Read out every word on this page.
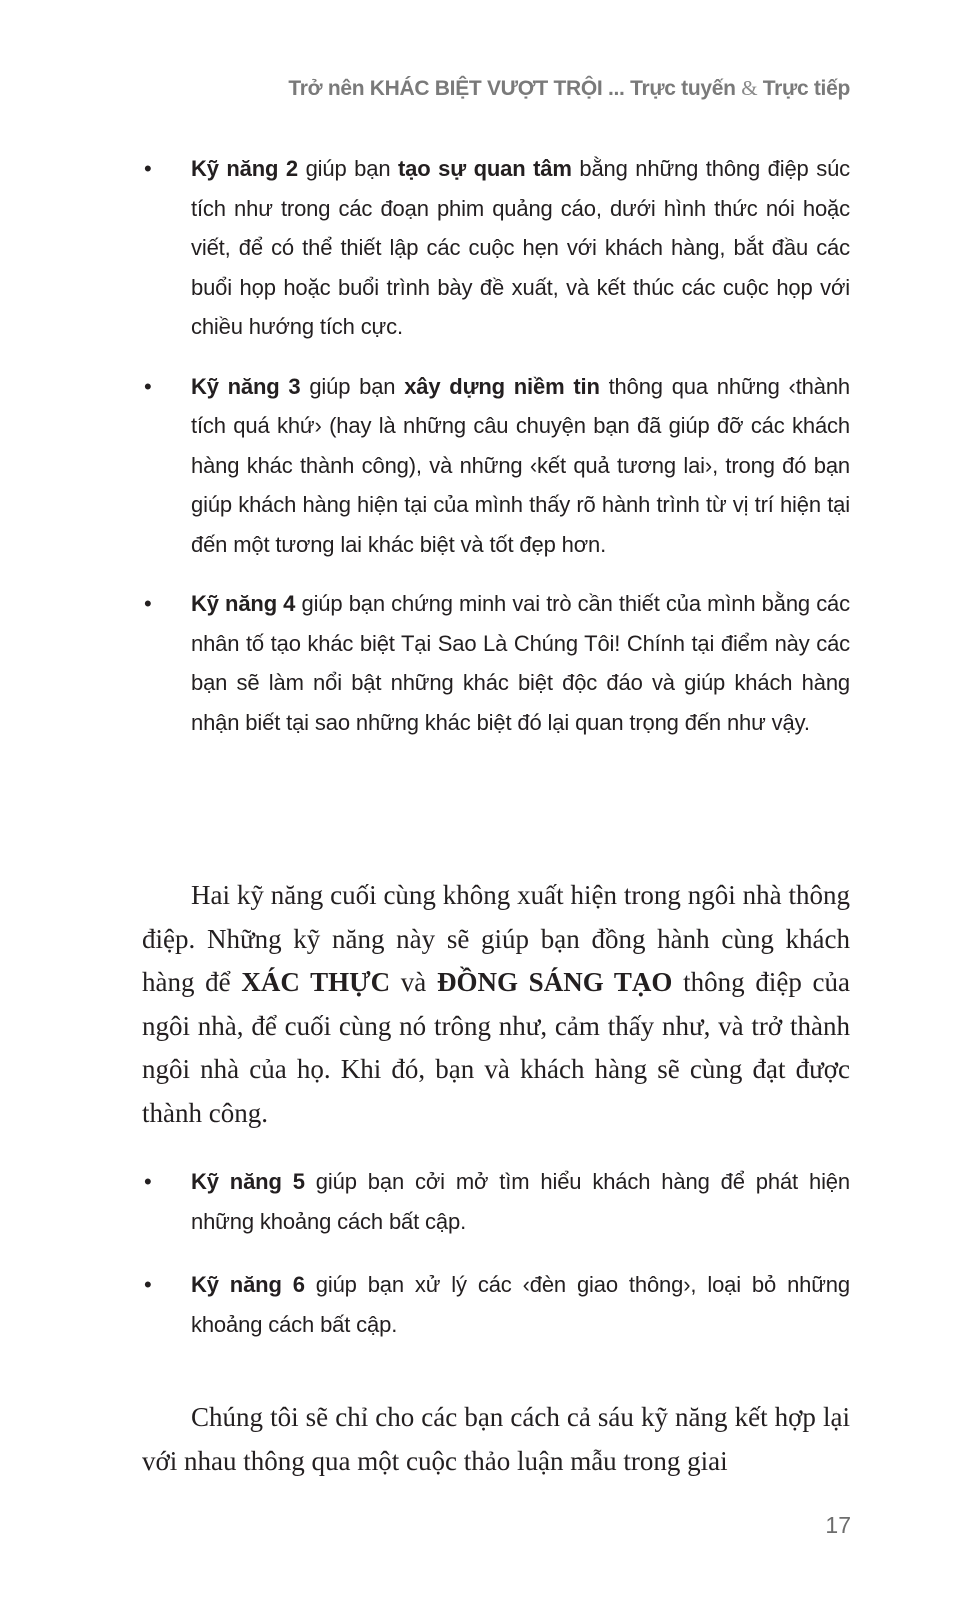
Trở nên KHÁC BIỆT VƯỢT TRỘI ... Trực tuyến & Trực tiếp
• Kỹ năng 2 giúp bạn tạo sự quan tâm bằng những thông điệp súc tích như trong các đoạn phim quảng cáo, dưới hình thức nói hoặc viết, để có thể thiết lập các cuộc hẹn với khách hàng, bắt đầu các buổi họp hoặc buổi trình bày đề xuất, và kết thúc các cuộc họp với chiều hướng tích cực.
• Kỹ năng 3 giúp bạn xây dựng niềm tin thông qua những ‹thành tích quá khứ› (hay là những câu chuyện bạn đã giúp đỡ các khách hàng khác thành công), và những ‹kết quả tương lai›, trong đó bạn giúp khách hàng hiện tại của mình thấy rõ hành trình từ vị trí hiện tại đến một tương lai khác biệt và tốt đẹp hơn.
• Kỹ năng 4 giúp bạn chứng minh vai trò cần thiết của mình bằng các nhân tố tạo khác biệt Tại Sao Là Chúng Tôi! Chính tại điểm này các bạn sẽ làm nổi bật những khác biệt độc đáo và giúp khách hàng nhận biết tại sao những khác biệt đó lại quan trọng đến như vậy.

Hai kỹ năng cuối cùng không xuất hiện trong ngôi nhà thông điệp. Những kỹ năng này sẽ giúp bạn đồng hành cùng khách hàng để XÁC THỰC và ĐỒNG SÁNG TẠO thông điệp của ngôi nhà, để cuối cùng nó trông như, cảm thấy như, và trở thành ngôi nhà của họ. Khi đó, bạn và khách hàng sẽ cùng đạt được thành công.

• Kỹ năng 5 giúp bạn cởi mở tìm hiểu khách hàng để phát hiện những khoảng cách bất cập.
• Kỹ năng 6 giúp bạn xử lý các ‹đèn giao thông›, loại bỏ những khoảng cách bất cập.

Chúng tôi sẽ chỉ cho các bạn cách cả sáu kỹ năng kết hợp lại với nhau thông qua một cuộc thảo luận mẫu trong giai

17
